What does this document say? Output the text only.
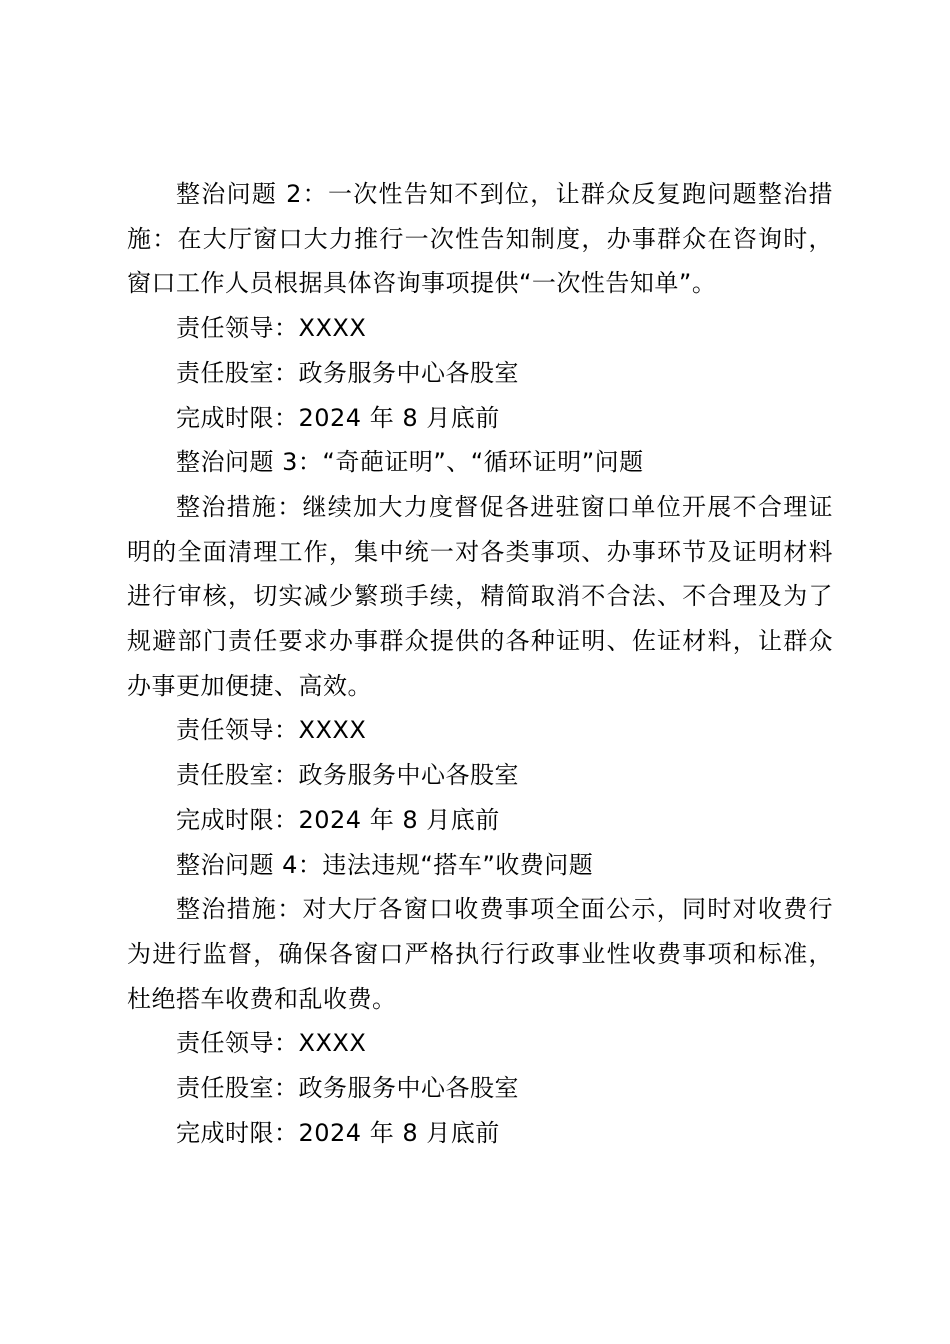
整治问题 2：一次性告知不到位，让群众反复跑问题整治措施：在大厅窗口大力推行一次性告知制度，办事群众在咨询时，窗口工作人员根据具体咨询事项提供“一次性告知单”。

责任领导：XXXX

责任股室：政务服务中心各股室

完成时限：2024 年 8 月底前

整治问题 3：“奇葩证明”、“循环证明”问题

整治措施：继续加大力度督促各进驻窗口单位开展不合理证明的全面清理工作，集中统一对各类事项、办事环节及证明材料进行审核，切实减少繁琐手续，精简取消不合法、不合理及为了规避部门责任要求办事群众提供的各种证明、佐证材料，让群众办事更加便捷、高效。

责任领导：XXXX

责任股室：政务服务中心各股室

完成时限：2024 年 8 月底前

整治问题 4：违法违规“搭车”收费问题

整治措施：对大厅各窗口收费事项全面公示，同时对收费行为进行监督，确保各窗口严格执行行政事业性收费事项和标准，杜绝搭车收费和乱收费。

责任领导：XXXX

责任股室：政务服务中心各股室

完成时限：2024 年 8 月底前
